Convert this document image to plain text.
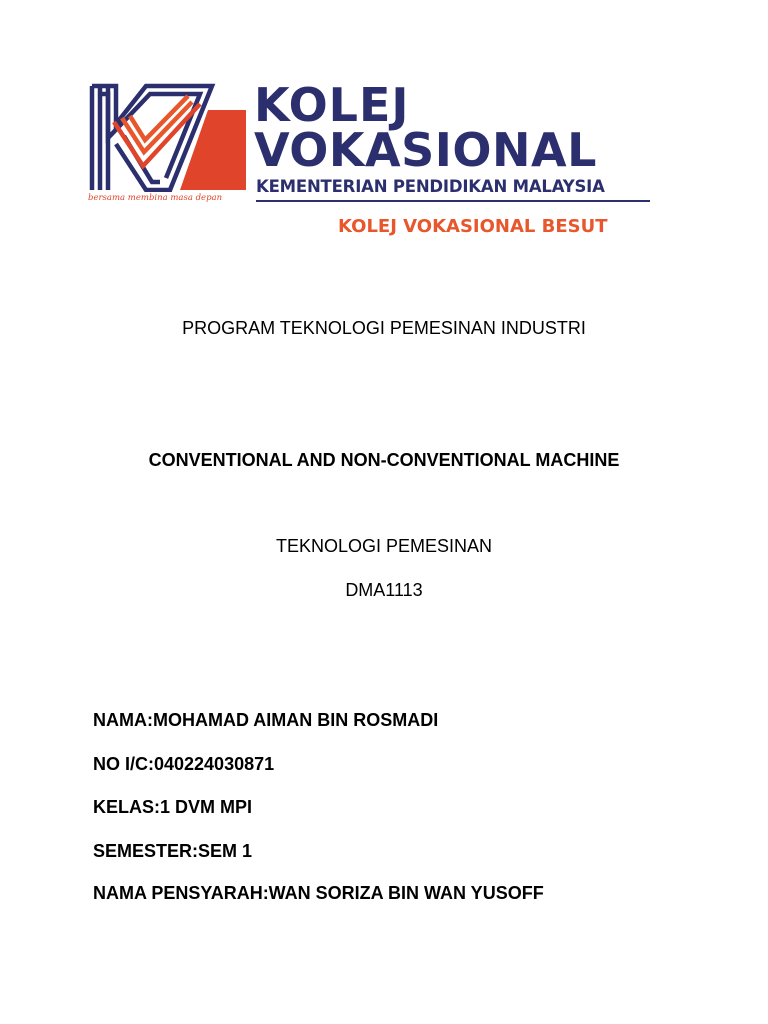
KOLEJ
VOKASIONAL
KEMENTERIAN PENDIDIKAN MALAYSIA
bersama membina masa depan
KOLEJ VOKASIONAL BESUT
PROGRAM TEKNOLOGI PEMESINAN INDUSTRI
CONVENTIONAL AND NON-CONVENTIONAL MACHINE
TEKNOLOGI PEMESINAN
DMA1113
NAMA:MOHAMAD AIMAN BIN ROSMADI
NO I/C:040224030871
KELAS:1 DVM MPI
SEMESTER:SEM 1
NAMA PENSYARAH:WAN SORIZA BIN WAN YUSOFF
